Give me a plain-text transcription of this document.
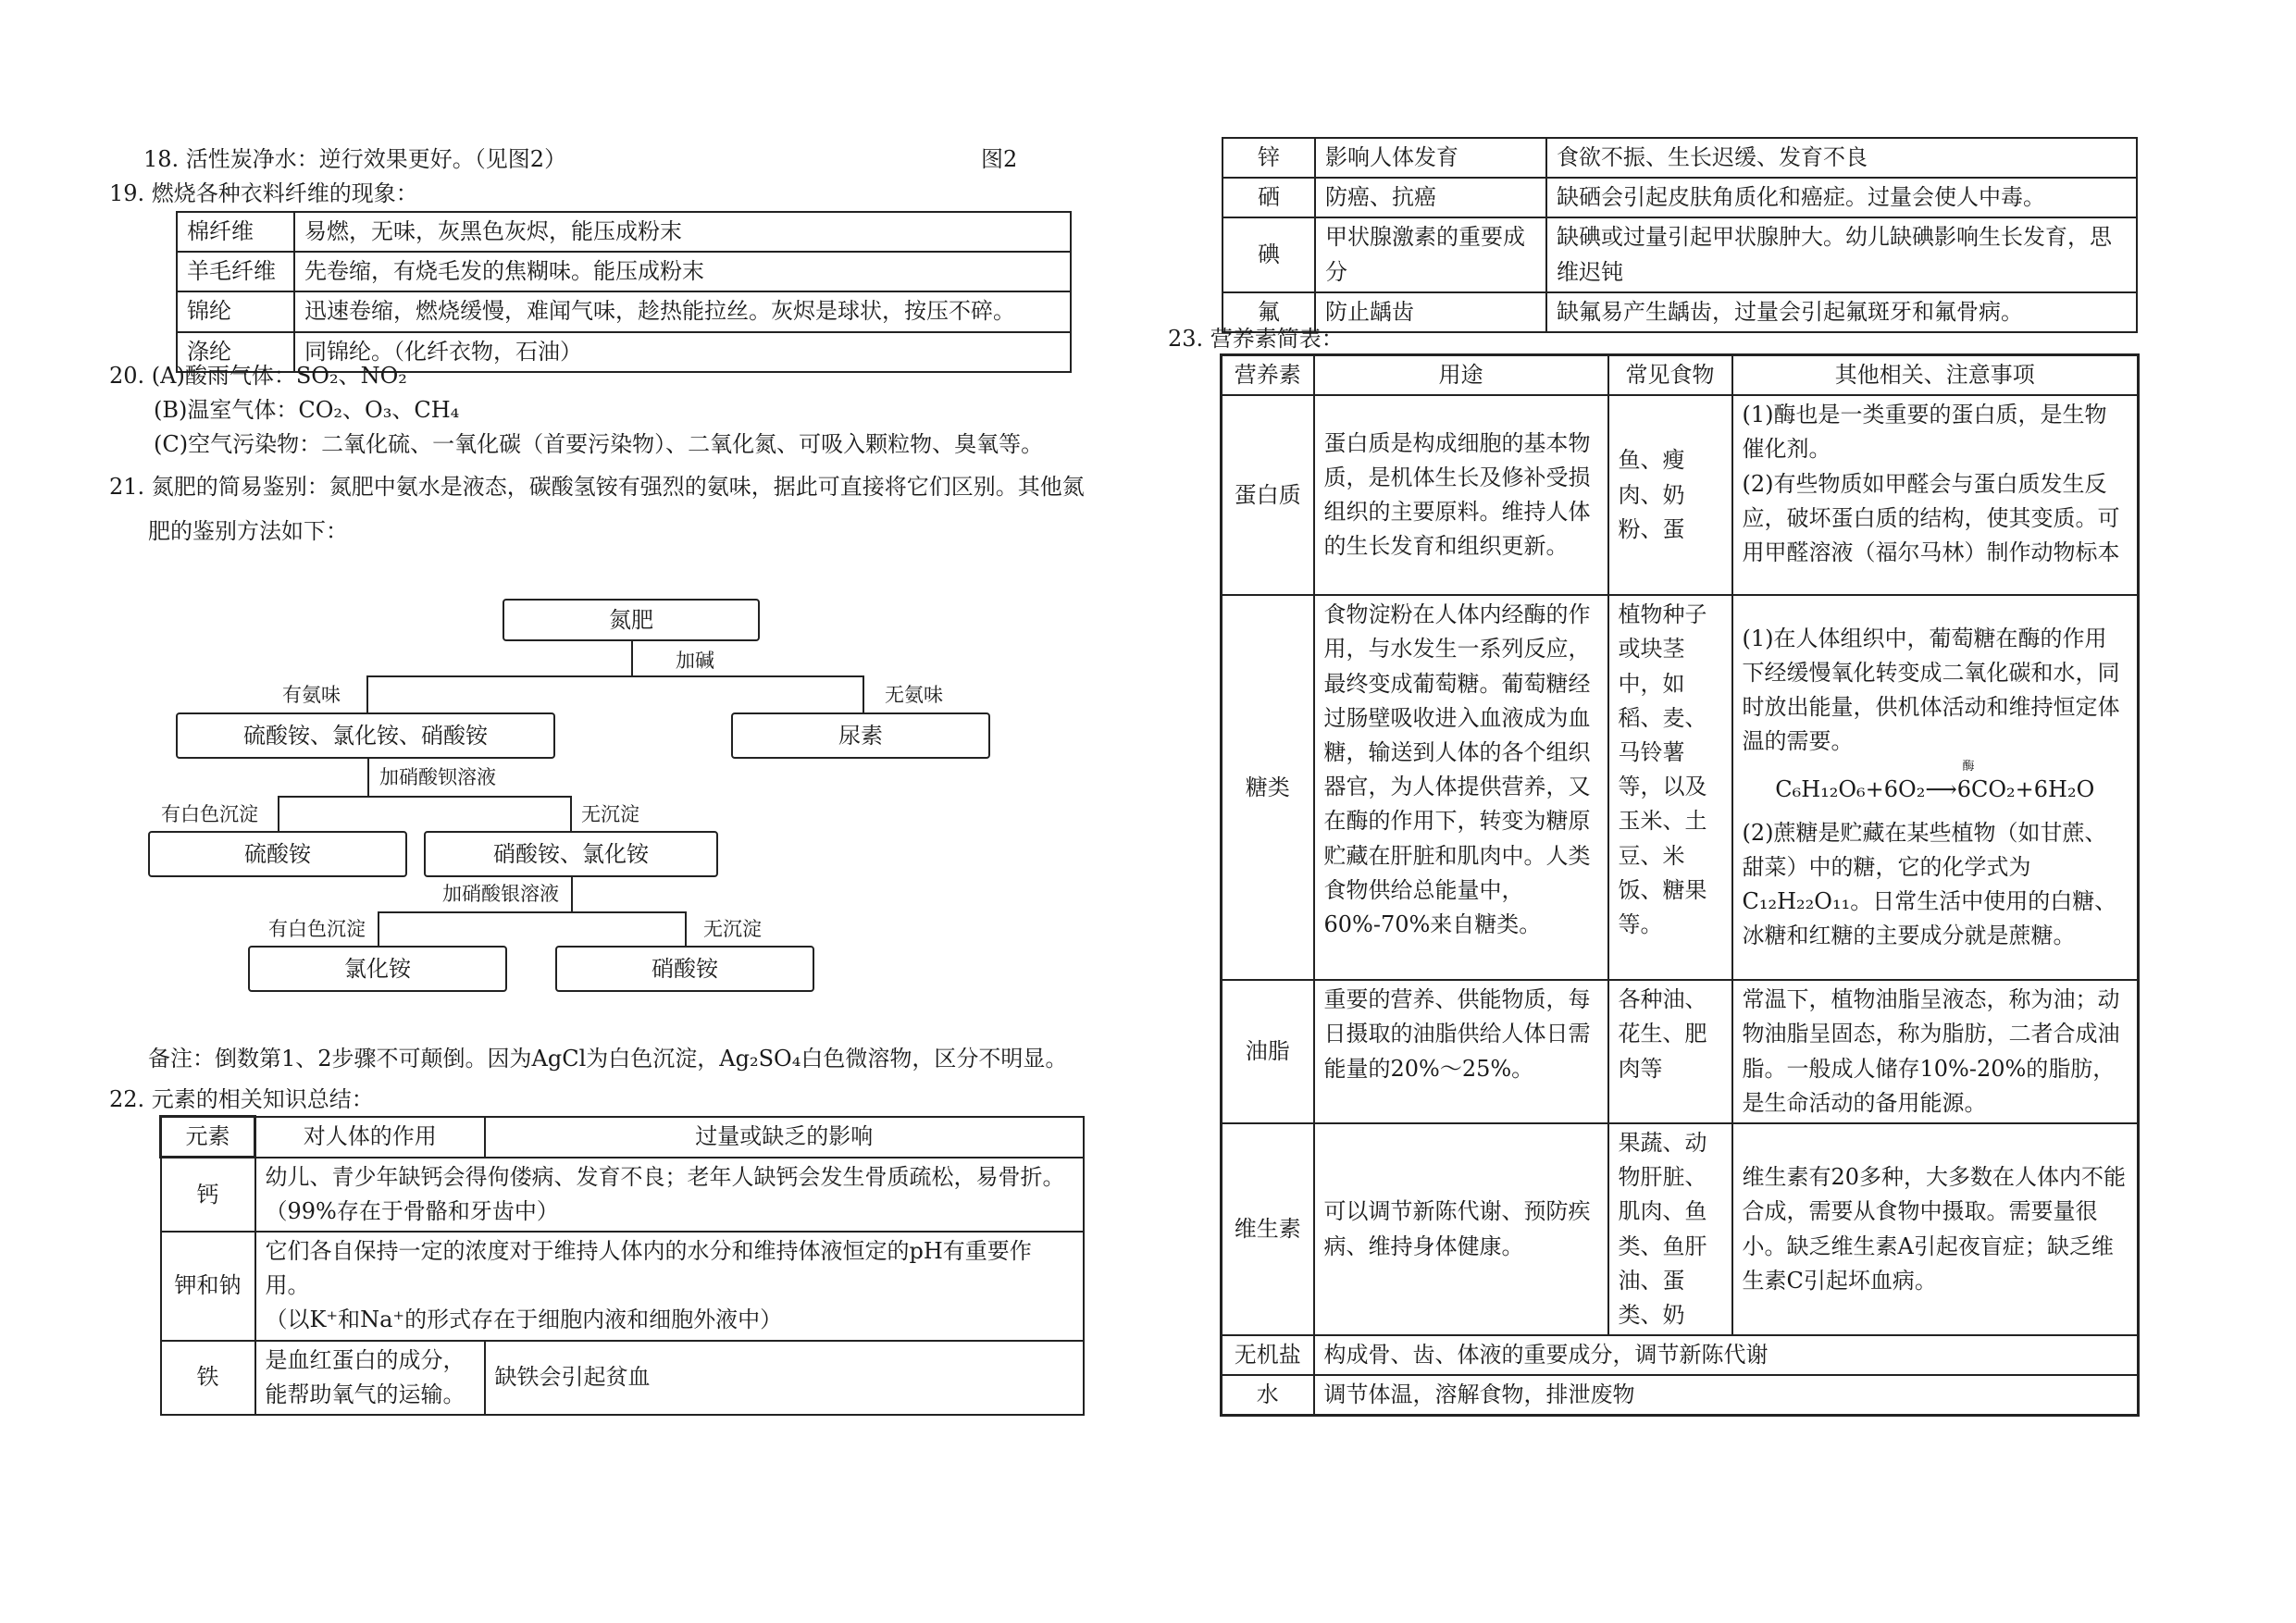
18. 活性炭净水：逆行效果更好。（见图2）	图2
19. 燃烧各种衣料纤维的现象：
棉纤维	易燃，无味，灰黑色灰烬，能压成粉末
羊毛纤维	先卷缩，有烧毛发的焦糊味。能压成粉末
锦纶	迅速卷缩，燃烧缓慢，难闻气味，趁热能拉丝。灰烬是球状，按压不碎。
涤纶	同锦纶。（化纤衣物，石油）
20. (A)酸雨气体：SO₂、NO₂
(B)温室气体：CO₂、O₃、CH₄
(C)空气污染物：二氧化硫、一氧化碳（首要污染物）、二氧化氮、可吸入颗粒物、臭氧等。
21. 氮肥的简易鉴别：氮肥中氨水是液态，碳酸氢铵有强烈的氨味，据此可直接将它们区别。其他氮
肥的鉴别方法如下：
氮肥
加碱
有氨味	无氨味
硫酸铵、氯化铵、硝酸铵	尿素
加硝酸钡溶液
有白色沉淀	无沉淀
硫酸铵	硝酸铵、氯化铵
加硝酸银溶液
有白色沉淀	无沉淀
氯化铵	硝酸铵
备注：倒数第1、2步骤不可颠倒。因为AgCl为白色沉淀，Ag₂SO₄白色微溶物，区分不明显。
22. 元素的相关知识总结：
元素	对人体的作用	过量或缺乏的影响
钙	幼儿、青少年缺钙会得佝偻病、发育不良；老年人缺钙会发生骨质疏松，易骨折。
（99%存在于骨骼和牙齿中）	
钾和钠	它们各自保持一定的浓度对于维持人体内的水分和维持体液恒定的pH有重要作用。
（以K⁺和Na⁺的形式存在于细胞内液和细胞外液中）	
铁	是血红蛋白的成分，能帮助氧气的运输。	缺铁会引起贫血
锌	影响人体发育	食欲不振、生长迟缓、发育不良
硒	防癌、抗癌	缺硒会引起皮肤角质化和癌症。过量会使人中毒。
碘	甲状腺激素的重要成分	缺碘或过量引起甲状腺肿大。幼儿缺碘影响生长发育，思维迟钝
氟	防止龋齿	缺氟易产生龋齿，过量会引起氟斑牙和氟骨病。
23. 营养素简表：
营养素	用途	常见食物	其他相关、注意事项
蛋白质	蛋白质是构成细胞的基本物质，是机体生长及修补受损组织的主要原料。维持人体的生长发育和组织更新。	鱼、瘦肉、奶粉、蛋	(1)酶也是一类重要的蛋白质，是生物催化剂。
(2)有些物质如甲醛会与蛋白质发生反应，破坏蛋白质的结构，使其变质。可用甲醛溶液（福尔马林）制作动物标本

糖类	食物淀粉在人体内经酶的作用，与水发生一系列反应，最终变成葡萄糖。葡萄糖经过肠壁吸收进入血液成为血糖，输送到人体的各个组织器官，为人体提供营养，又在酶的作用下，转变为糖原贮藏在肝脏和肌肉中。人类食物供给总能量中，60%-70%来自糖类。	植物种子或块茎中，如稻、麦、马铃薯等，以及玉米、土豆、米饭、糖果等。	(1)在人体组织中，葡萄糖在酶的作用下经缓慢氧化转变成二氧化碳和水，同时放出能量，供机体活动和维持恒定体温的需要。
酶
C₆H₁₂O₆+6O₂⟶6CO₂+6H₂O
(2)蔗糖是贮藏在某些植物（如甘蔗、甜菜）中的糖，它的化学式为C₁₂H₂₂O₁₁。日常生活中使用的白糖、冰糖和红糖的主要成分就是蔗糖。

油脂	重要的营养、供能物质，每日摄取的油脂供给人体日需能量的20%～25%。	各种油、花生、肥肉等	常温下，植物油脂呈液态，称为油；动物油脂呈固态，称为脂肪，二者合成油脂。一般成人储存10%-20%的脂肪，是生命活动的备用能源。
维生素	可以调节新陈代谢、预防疾病、维持身体健康。	果蔬、动物肝脏、肌肉、鱼类、鱼肝油、蛋类、奶	维生素有20多种，大多数在人体内不能合成，需要从食物中摄取。需要量很小。缺乏维生素A引起夜盲症；缺乏维生素C引起坏血病。
无机盐	构成骨、齿、体液的重要成分，调节新陈代谢		
水	调节体温，溶解食物，排泄废物		
